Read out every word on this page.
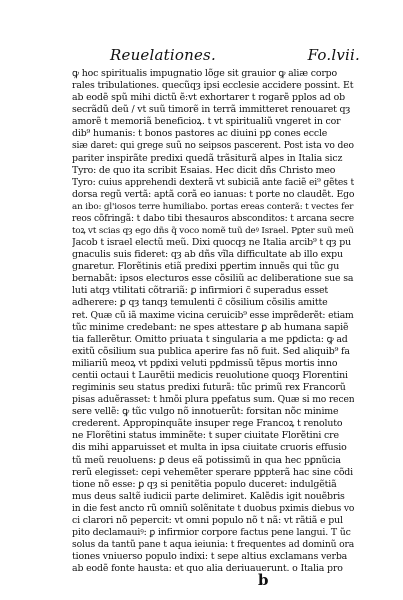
Reuelationes.	Fo.lvii.
ꝙ hoc spiritualis impugnatio lõge sit grauior ꝙ aliæ corpo
rales tribulationes. quecũqȝ ipsi ecclesie accidere possint. Et
ab eodẽ spũ mihi dictũ ẽ:vt exhortarer t rogarẽ pplos ad ob
secrãdũ deũ / vt suũ timorẽ in terrã immitteret renouaret qȝ
amorẽ t memoriã beneficioꝝ. t vt spiritualiũ vngeret in cor
dib⁹ humanis: t bonos pastores ac diuini pꝑ cones eccle
siæ daret: qui grege suũ no seipsos pascerent. Post ista vo deo
pariter inspirãte predixi quedã trãsiturã alpes in Italia sicz
Tyro: de quo ita scribit Esaias. Hec dicit dñs Christo meo
Tyro: cuius apprehendi dexterã vt subiciã ante faciẽ ei⁹ gẽtes t
dorsa regũ vertã: aptã corã eo ianuas: t porte no claudẽt. Ego
an ibo: gl'iosos terre humiliabo. portas ereas conterã: t vectes fer
reos cõfringã: t dabo tibi thesauros absconditos: t arcana secre
toꝝ vt scias qȝ ego dñs q̃ voco nomẽ tuũ deꝰ Israel. Pꝑter suũ meũ
Jacob t israel electũ meũ. Dixi quocqȝ ne Italia arcib⁹ t qȝ pu
gnaculis suis fideret: qȝ ab dñs vĩla difficultate ab illo expu
gnaretur. Florẽtinis etiã predixi pꝑertim innuẽs qui tũc gu
bernabãt: ipsos electuros esse cõsiliũ ac deliberatione sue sa
luti atqȝ vtilitati cõtrariã: ꝑ infirmiori c̃ superadus esset
adherere: ꝑ qȝ tanqȝ temulenti c̃ cõsilium cõsilis amitte
ret. Quæ cũ iã maxime vicina ceruicib⁹ esse imprẽderẽt: etiam
tũc minime credebant: ne spes attestare ꝑ ab humana sapiẽ
tia fallerẽtur. Omitto priuata t singularia a me pꝑdicta: ꝙ ad
exitũ cõsilium sua publica aperire fas nõ fuit. Sed aliquib⁹ fa
miliariũ meoꝝ vt pꝑdixi veluti pꝑdmissũ tẽpus mortis inno
centii octaui t Laurẽtii medicis reuolutione quoqȝ Florentini
regiminis seu status predixi futurã: tũc primũ rex Francorũ
pisas aduẽrasset: t hmõi plura pꝑefatus sum. Quæ si mo recen
sere vellẽ: ꝙ tũc vulgo nõ innotuerũt: forsitan nõc minime
crederent. Appropinquãte insuper rege Francoꝝ t renoluto
ne Florẽtini status imminẽte: t super ciuitate Florẽtini cre
dis mihi apparuisset et multa in ipsa ciuitate cruoris effusio
tũ meũ reuoluens: ꝑ deus eã potissimũ in qua hec pꝑnũcia
rerũ elegisset: cepi vehemẽter sperare pꝑpterã hac sine cõdi
tione nõ esse: ꝑ qȝ si penitẽtia populo duceret: indulgẽtiã
mus deus saltẽ iudicii parte delimiret. Kalẽdis igit nouẽbris
in die fest ancto rũ omniũ solẽnitate t duobus pximis diebus vo
ci clarori nõ pepercit: vt omni populo nõ t nã: vt rãtiã e pul
pito declamauiꝰ: ꝑ infirmior corpore factus pene langui. T ũc
solus da tantũ pane t aqua ieiunia: t frequentes ad dominũ ora
tiones vniuerso populo indixi: t sepe altius exclamans verba
ab eodẽ fonte hausta: et quo alia deriuauerunt. o Italia pro
b
